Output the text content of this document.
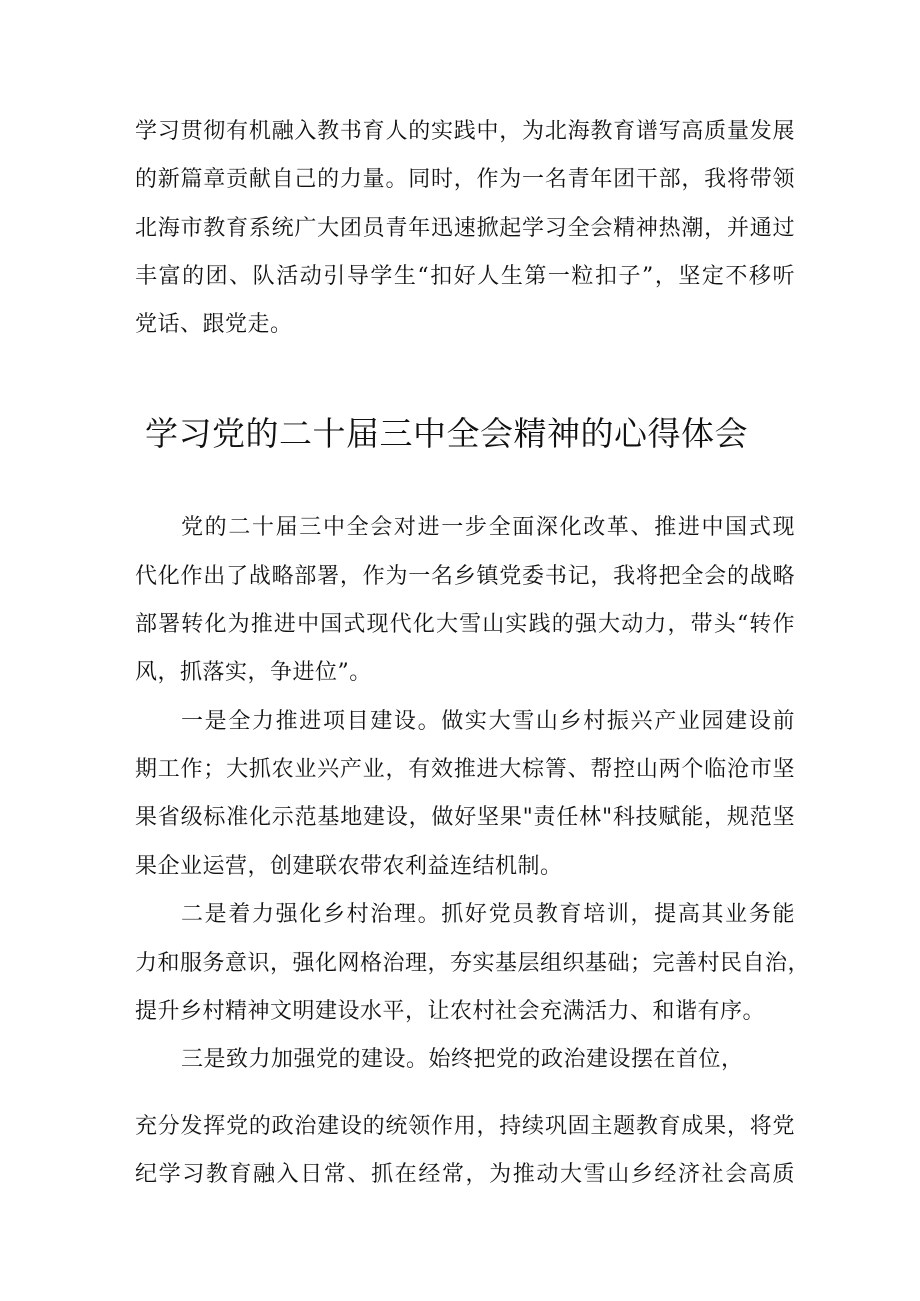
学习贯彻有机融入教书育人的实践中，为北海教育谱写高质量发展
的新篇章贡献自己的力量。同时，作为一名青年团干部，我将带领
北海市教育系统广大团员青年迅速掀起学习全会精神热潮，并通过
丰富的团、队活动引导学生“扣好人生第一粒扣子”，坚定不移听
党话、跟党走。
学习党的二十届三中全会精神的心得体会
党的二十届三中全会对进一步全面深化改革、推进中国式现
代化作出了战略部署，作为一名乡镇党委书记，我将把全会的战略
部署转化为推进中国式现代化大雪山实践的强大动力，带头“转作
风，抓落实，争进位”。
一是全力推进项目建设。做实大雪山乡村振兴产业园建设前
期工作；大抓农业兴产业，有效推进大棕箐、帮控山两个临沧市坚
果省级标准化示范基地建设，做好坚果"责任林"科技赋能，规范坚
果企业运营，创建联农带农利益连结机制。
二是着力强化乡村治理。抓好党员教育培训，提高其业务能
力和服务意识，强化网格治理，夯实基层组织基础；完善村民自治，
提升乡村精神文明建设水平，让农村社会充满活力、和谐有序。
三是致力加强党的建设。始终把党的政治建设摆在首位，
充分发挥党的政治建设的统领作用，持续巩固主题教育成果，将党
纪学习教育融入日常、抓在经常，为推动大雪山乡经济社会高质
